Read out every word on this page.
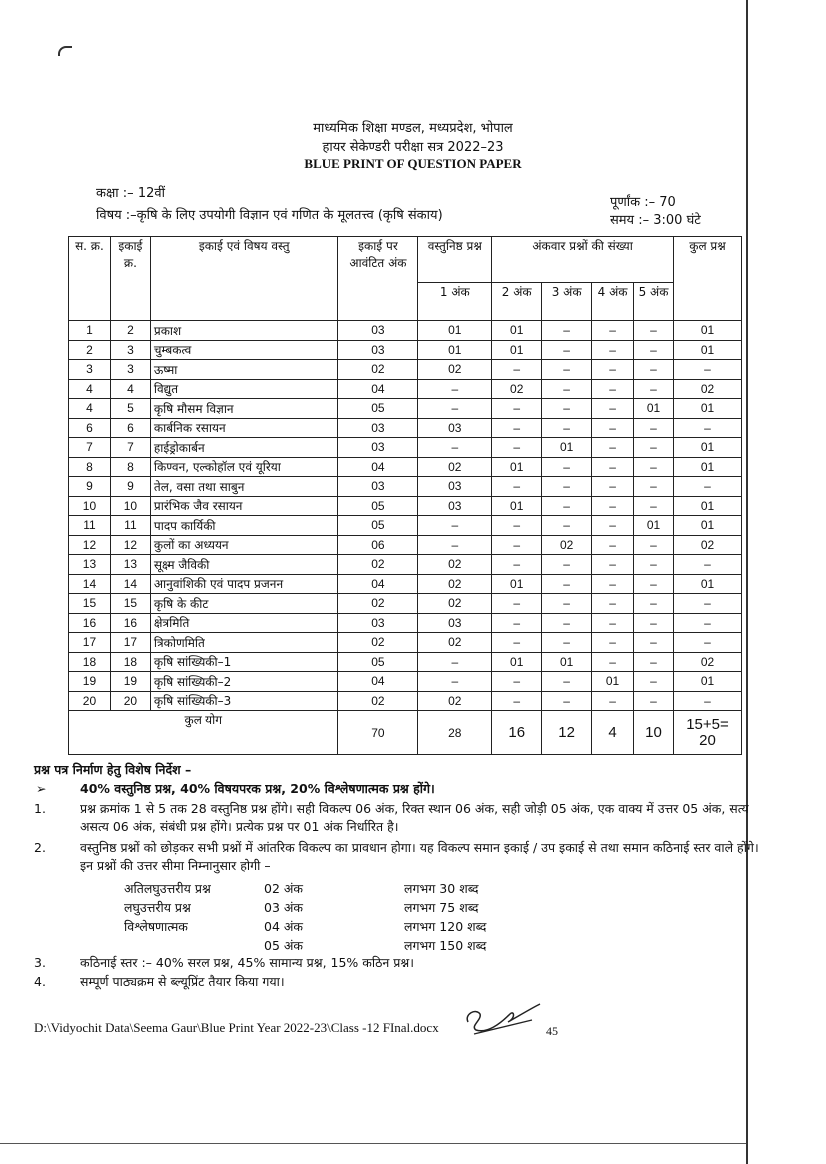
माध्यमिक शिक्षा मण्डल, मध्यप्रदेश, भोपाल
हायर सेकेण्डरी परीक्षा सत्र 2022–23
BLUE PRINT OF QUESTION PAPER
कक्षा :– 12वीं
विषय :–कृषि के लिए उपयोगी विज्ञान एवं गणित के मूलतत्त्व (कृषि संकाय)
पूर्णांक :– 70
समय :– 3:00 घंटे
स. क्र.	इकाई क्र.	इकाई एवं विषय वस्तु	इकाई पर आवंटित अंक	वस्तुनिष्ठ प्रश्न	अंकवार प्रश्नों की संख्या				कुल प्रश्न
				1 अंक	2 अंक	3 अंक	4 अंक	5 अंक	
1	2	प्रकाश	03	01	01	–	–	–	01
2	3	चुम्बकत्व	03	01	01	–	–	–	01
3	3	ऊष्मा	02	02	–	–	–	–	–
4	4	विद्युत	04	–	02	–	–	–	02
4	5	कृषि मौसम विज्ञान	05	–	–	–	–	01	01
6	6	कार्बनिक रसायन	03	03	–	–	–	–	–
7	7	हाईड्रोकार्बन	03	–	–	01	–	–	01
8	8	किण्वन, एल्कोहॉल एवं यूरिया	04	02	01	–	–	–	01
9	9	तेल, वसा तथा साबुन	03	03	–	–	–	–	–
10	10	प्रारंभिक जैव रसायन	05	03	01	–	–	–	01
11	11	पादप कार्यिकी	05	–	–	–	–	01	01
12	12	कुलों का अध्ययन	06	–	–	02	–	–	02
13	13	सूक्ष्म जैविकी	02	02	–	–	–	–	–
14	14	आनुवांशिकी एवं पादप प्रजनन	04	02	01	–	–	–	01
15	15	कृषि के कीट	02	02	–	–	–	–	–
16	16	क्षेत्रमिति	03	03	–	–	–	–	–
17	17	त्रिकोणमिति	02	02	–	–	–	–	–
18	18	कृषि सांख्यिकी–1	05	–	01	01	–	–	02
19	19	कृषि सांख्यिकी–2	04	–	–	–	01	–	01
20	20	कृषि सांख्यिकी–3	02	02	–	–	–	–	–
कुल योग			70	28	16	12	4	10	15+5= 20
प्रश्न पत्र निर्माण हेतु विशेष निर्देश –
➢	40% वस्तुनिष्ठ प्रश्न, 40% विषयपरक प्रश्न, 20% विश्लेषणात्मक प्रश्न होंगे।
1.	प्रश्न क्रमांक 1 से 5 तक 28 वस्तुनिष्ठ प्रश्न होंगे। सही विकल्प 06 अंक, रिक्त स्थान 06 अंक, सही जोड़ी 05 अंक, एक वाक्य में उत्तर 05 अंक, सत्य असत्य 06 अंक, संबंधी प्रश्न होंगे। प्रत्येक प्रश्न पर 01 अंक निर्धारित है।
2.	वस्तुनिष्ठ प्रश्नों को छोड़कर सभी प्रश्नों में आंतरिक विकल्प का प्रावधान होगा। यह विकल्प समान इकाई / उप इकाई से तथा समान कठिनाई स्तर वाले होंगे। इन प्रश्नों की उत्तर सीमा निम्नानुसार होगी –
अतिलघुउत्तरीय प्रश्न	02 अंक	लगभग 30 शब्द
लघुउत्तरीय प्रश्न	03 अंक	लगभग 75 शब्द
विश्लेषणात्मक	04 अंक	लगभग 120 शब्द
05 अंक	लगभग 150 शब्द
3.	कठिनाई स्तर :– 40% सरल प्रश्न, 45% सामान्य प्रश्न, 15% कठिन प्रश्न।
4.	सम्पूर्ण पाठ्यक्रम से ब्ल्यूप्रिंट तैयार किया गया।
D:\Vidyochit Data\Seema Gaur\Blue Print Year 2022-23\Class -12 FInal.docx	45
